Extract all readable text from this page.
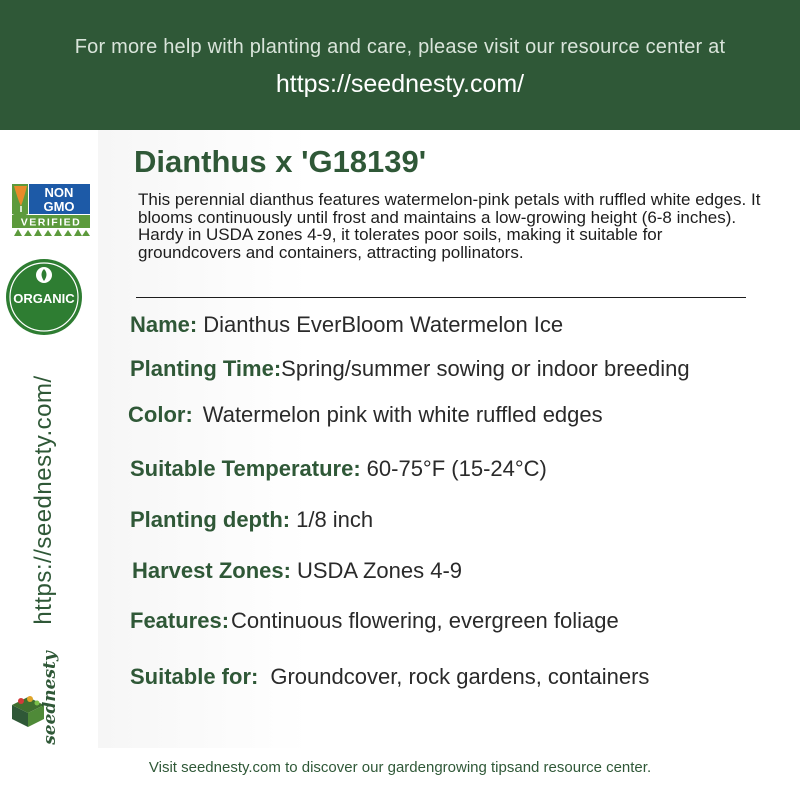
For more help with planting and care, please visit our resource center at
https://seednesty.com/
NON
GMO
VERIFIED
ORGANIC
https://seednesty.com/
seednesty
Dianthus x 'G18139'
This perennial dianthus features watermelon-pink petals with ruffled white edges. It blooms continuously until frost and maintains a low-growing height (6-8 inches). Hardy in USDA zones 4-9, it tolerates poor soils, making it suitable for groundcovers and containers, attracting pollinators.
Name: Dianthus EverBloom Watermelon Ice
Planting Time:Spring/summer sowing or indoor breeding
Color: Watermelon pink with white ruffled edges
Suitable Temperature: 60-75°F (15-24°C)
Planting depth: 1/8 inch
Harvest Zones: USDA Zones 4-9
Features:Continuous flowering, evergreen foliage
Suitable for: Groundcover, rock gardens, containers
Visit seednesty.com to discover our gardengrowing tipsand resource center.
